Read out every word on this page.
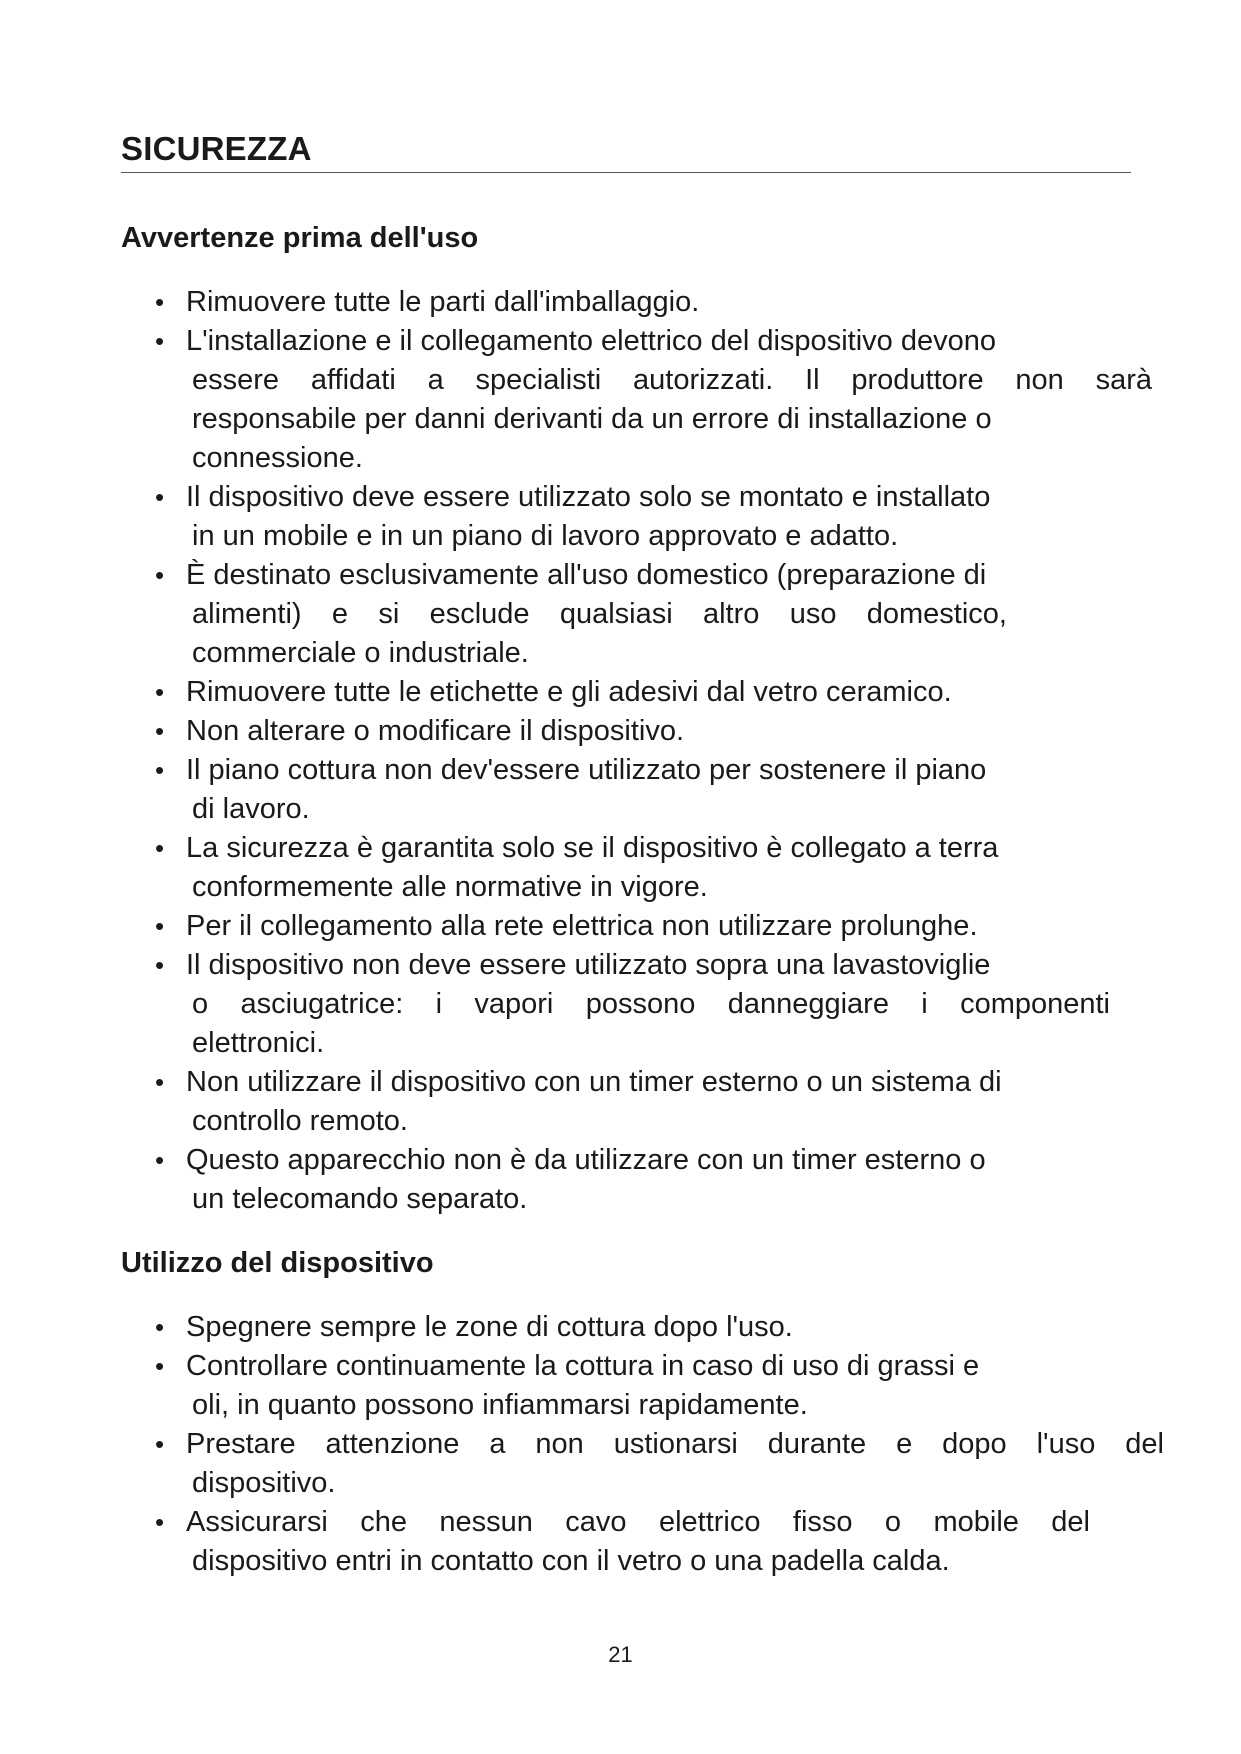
SICUREZZA
Avvertenze prima dell'uso
• Rimuovere tutte le parti dall'imballaggio.
• L'installazione e il collegamento elettrico del dispositivo devono
essere affidati a specialisti autorizzati. Il produttore non sarà
responsabile per danni derivanti da un errore di installazione o
connessione.
• Il dispositivo deve essere utilizzato solo se montato e installato
in un mobile e in un piano di lavoro approvato e adatto.
• È destinato esclusivamente all'uso domestico (preparazione di
alimenti) e si esclude qualsiasi altro uso domestico,
commerciale o industriale.
• Rimuovere tutte le etichette e gli adesivi dal vetro ceramico.
• Non alterare o modificare il dispositivo.
• Il piano cottura non dev'essere utilizzato per sostenere il piano
di lavoro.
• La sicurezza è garantita solo se il dispositivo è collegato a terra
conformemente alle normative in vigore.
• Per il collegamento alla rete elettrica non utilizzare prolunghe.
• Il dispositivo non deve essere utilizzato sopra una lavastoviglie
o asciugatrice: i vapori possono danneggiare i componenti
elettronici.
• Non utilizzare il dispositivo con un timer esterno o un sistema di
controllo remoto.
• Questo apparecchio non è da utilizzare con un timer esterno o
un telecomando separato.
Utilizzo del dispositivo
• Spegnere sempre le zone di cottura dopo l'uso.
• Controllare continuamente la cottura in caso di uso di grassi e
oli, in quanto possono infiammarsi rapidamente.
• Prestare attenzione a non ustionarsi durante e dopo l'uso del
dispositivo.
• Assicurarsi che nessun cavo elettrico fisso o mobile del
dispositivo entri in contatto con il vetro o una padella calda.
21
